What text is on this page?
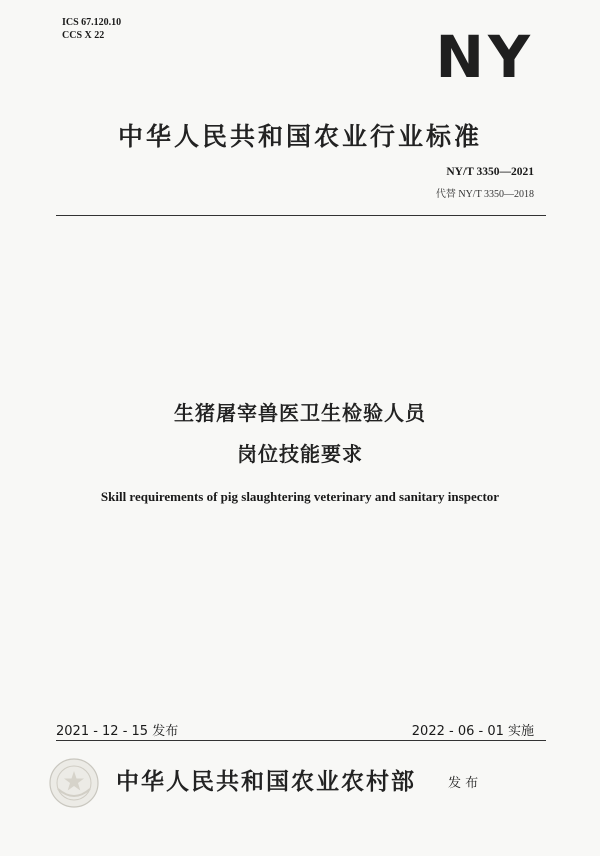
ICS 67.120.10
CCS X 22	NY
中华人民共和国农业行业标准
NY/T 3350—2021
代替 NY/T 3350—2018
生猪屠宰兽医卫生检验人员
岗位技能要求
Skill requirements of pig slaughtering veterinary and sanitary inspector
2021 - 12 - 15 发布	2022 - 06 - 01 实施
中华人民共和国农业农村部 发 布
